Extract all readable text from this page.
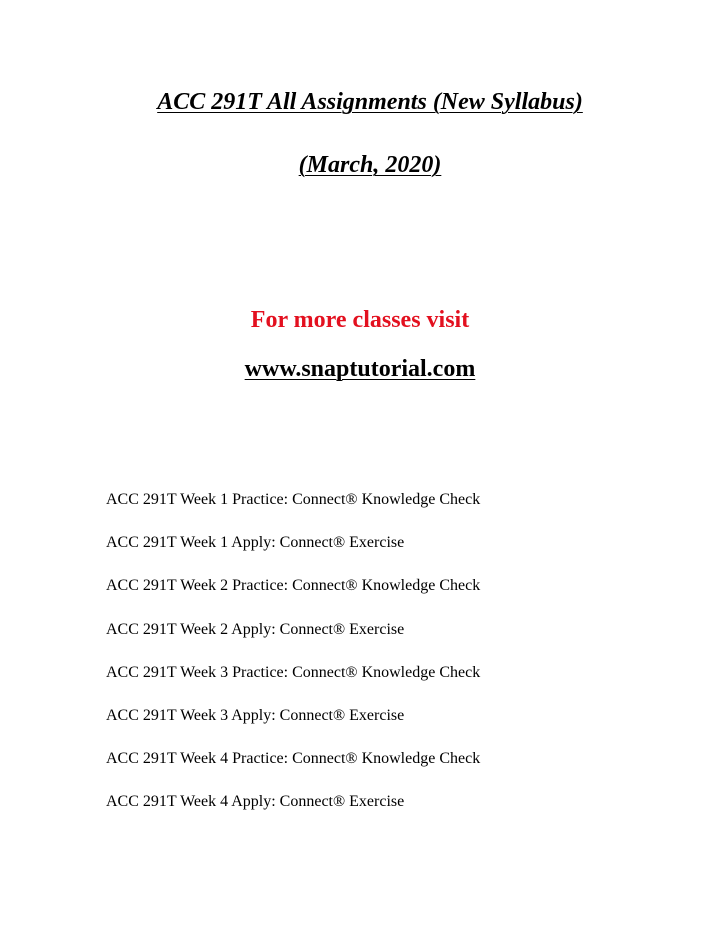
ACC 291T All Assignments (New Syllabus)
(March, 2020)
For more classes visit
www.snaptutorial.com
ACC 291T Week 1 Practice: Connect® Knowledge Check
ACC 291T Week 1 Apply: Connect® Exercise
ACC 291T Week 2 Practice: Connect® Knowledge Check
ACC 291T Week 2 Apply: Connect® Exercise
ACC 291T Week 3 Practice: Connect® Knowledge Check
ACC 291T Week 3 Apply: Connect® Exercise
ACC 291T Week 4 Practice: Connect® Knowledge Check
ACC 291T Week 4 Apply: Connect® Exercise
